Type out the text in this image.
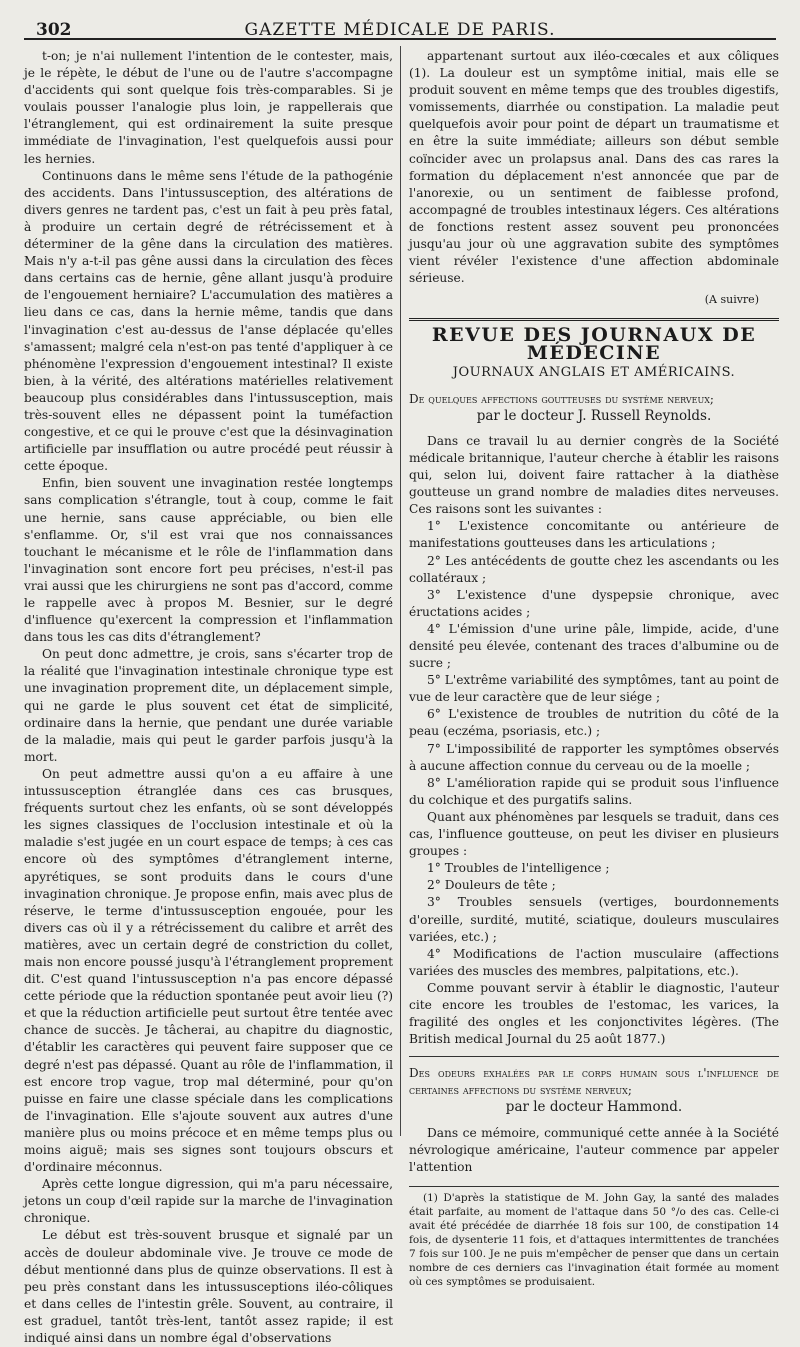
302	GAZETTE MÉDICALE DE PARIS.

t-on; je n'ai nullement l'intention de le contester, mais, je le répète, le début de l'une ou de l'autre s'accompagne d'accidents qui sont quelque fois très-comparables. Si je voulais pousser l'analogie plus loin, je rappellerais que l'étranglement, qui est ordinairement la suite presque immédiate de l'invagination, l'est quelquefois aussi pour les hernies.

Continuons dans le même sens l'étude de la pathogénie des accidents. Dans l'intussusception, des altérations de divers genres ne tardent pas, c'est un fait à peu près fatal, à produire un certain degré de rétrécissement et à déterminer de la gêne dans la circulation des matières. Mais n'y a-t-il pas gêne aussi dans la circulation des fèces dans certains cas de hernie, gêne allant jusqu'à produire de l'engouement herniaire? L'accumulation des matières a lieu dans ce cas, dans la hernie même, tandis que dans l'invagination c'est au-dessus de l'anse déplacée qu'elles s'amassent; malgré cela n'est-on pas tenté d'appliquer à ce phénomène l'expression d'engouement intestinal? Il existe bien, à la vérité, des altérations matérielles relativement beaucoup plus considérables dans l'intussusception, mais très-souvent elles ne dépassent point la tuméfaction congestive, et ce qui le prouve c'est que la désinvagination artificielle par insufflation ou autre procédé peut réussir à cette époque.

Enfin, bien souvent une invagination restée longtemps sans complication s'étrangle, tout à coup, comme le fait une hernie, sans cause appréciable, ou bien elle s'enflamme. Or, s'il est vrai que nos connaissances touchant le mécanisme et le rôle de l'inflammation dans l'invagination sont encore fort peu précises, n'est-il pas vrai aussi que les chirurgiens ne sont pas d'accord, comme le rappelle avec à propos M. Besnier, sur le degré d'influence qu'exercent la compression et l'inflammation dans tous les cas dits d'étranglement?

On peut donc admettre, je crois, sans s'écarter trop de la réalité que l'invagination intestinale chronique type est une invagination proprement dite, un déplacement simple, qui ne garde le plus souvent cet état de simplicité, ordinaire dans la hernie, que pendant une durée variable de la maladie, mais qui peut le garder parfois jusqu'à la mort.

On peut admettre aussi qu'on a eu affaire à une intussusception étranglée dans ces cas brusques, fréquents surtout chez les enfants, où se sont développés les signes classiques de l'occlusion intestinale et où la maladie s'est jugée en un court espace de temps; à ces cas encore où des symptômes d'étranglement interne, apyrétiques, se sont produits dans le cours d'une invagination chronique. Je propose enfin, mais avec plus de réserve, le terme d'intussusception engouée, pour les divers cas où il y a rétrécissement du calibre et arrêt des matières, avec un certain degré de constriction du collet, mais non encore poussé jusqu'à l'étranglement proprement dit. C'est quand l'intussusception n'a pas encore dépassé cette période que la réduction spontanée peut avoir lieu (?) et que la réduction artificielle peut surtout être tentée avec chance de succès. Je tâcherai, au chapitre du diagnostic, d'établir les caractères qui peuvent faire supposer que ce degré n'est pas dépassé. Quant au rôle de l'inflammation, il est encore trop vague, trop mal déterminé, pour qu'on puisse en faire une classe spéciale dans les complications de l'invagination. Elle s'ajoute souvent aux autres d'une manière plus ou moins précoce et en même temps plus ou moins aiguë; mais ses signes sont toujours obscurs et d'ordinaire méconnus.

Après cette longue digression, qui m'a paru nécessaire, jetons un coup d'œil rapide sur la marche de l'invagination chronique.

Le début est très-souvent brusque et signalé par un accès de douleur abdominale vive. Je trouve ce mode de début mentionné dans plus de quinze observations. Il est à peu près constant dans les intussusceptions iléo-côliques et dans celles de l'intestin grêle. Souvent, au contraire, il est graduel, tantôt très-lent, tantôt assez rapide; il est indiqué ainsi dans un nombre égal d'observations

appartenant surtout aux iléo-cœcales et aux côliques (1). La douleur est un symptôme initial, mais elle se produit souvent en même temps que des troubles digestifs, vomissements, diarrhée ou constipation. La maladie peut quelquefois avoir pour point de départ un traumatisme et en être la suite immédiate; ailleurs son début semble coïncider avec un prolapsus anal. Dans des cas rares la formation du déplacement n'est annoncée que par de l'anorexie, ou un sentiment de faiblesse profond, accompagné de troubles intestinaux légers. Ces altérations de fonctions restent assez souvent peu prononcées jusqu'au jour où une aggravation subite des symptômes vient révéler l'existence d'une affection abdominale sérieuse.

(A suivre)

REVUE DES JOURNAUX DE MÉDECINE
JOURNAUX ANGLAIS ET AMÉRICAINS.

De quelques affections goutteuses du système nerveux;
par le docteur J. Russell Reynolds.

Dans ce travail lu au dernier congrès de la Société médicale britannique, l'auteur cherche à établir les raisons qui, selon lui, doivent faire rattacher à la diathèse goutteuse un grand nombre de maladies dites nerveuses. Ces raisons sont les suivantes :

1° L'existence concomitante ou antérieure de manifestations goutteuses dans les articulations ;
2° Les antécédents de goutte chez les ascendants ou les collatéraux ;
3° L'existence d'une dyspepsie chronique, avec éructations acides ;
4° L'émission d'une urine pâle, limpide, acide, d'une densité peu élevée, contenant des traces d'albumine ou de sucre ;
5° L'extrême variabilité des symptômes, tant au point de vue de leur caractère que de leur siége ;
6° L'existence de troubles de nutrition du côté de la peau (eczéma, psoriasis, etc.) ;
7° L'impossibilité de rapporter les symptômes observés à aucune affection connue du cerveau ou de la moelle ;
8° L'amélioration rapide qui se produit sous l'influence du colchique et des purgatifs salins.

Quant aux phénomènes par lesquels se traduit, dans ces cas, l'influence goutteuse, on peut les diviser en plusieurs groupes :

1° Troubles de l'intelligence ;
2° Douleurs de tête ;
3° Troubles sensuels (vertiges, bourdonnements d'oreille, surdité, mutité, sciatique, douleurs musculaires variées, etc.) ;
4° Modifications de l'action musculaire (affections variées des muscles des membres, palpitations, etc.).

Comme pouvant servir à établir le diagnostic, l'auteur cite encore les troubles de l'estomac, les varices, la fragilité des ongles et les conjonctivites légères. (The British medical Journal du 25 août 1877.)

Des odeurs exhalées par le corps humain sous l'influence de certaines affections du système nerveux;
par le docteur Hammond.

Dans ce mémoire, communiqué cette année à la Société névrologique américaine, l'auteur commence par appeler l'attention

(1) D'après la statistique de M. John Gay, la santé des malades était parfaite, au moment de l'attaque dans 50 °/o des cas. Celle-ci avait été précédée de diarrhée 18 fois sur 100, de constipation 14 fois, de dysenterie 11 fois, et d'attaques intermittentes de tranchées 7 fois sur 100. Je ne puis m'empêcher de penser que dans un certain nombre de ces derniers cas l'invagination était formée au moment où ces symptômes se produisaient.
